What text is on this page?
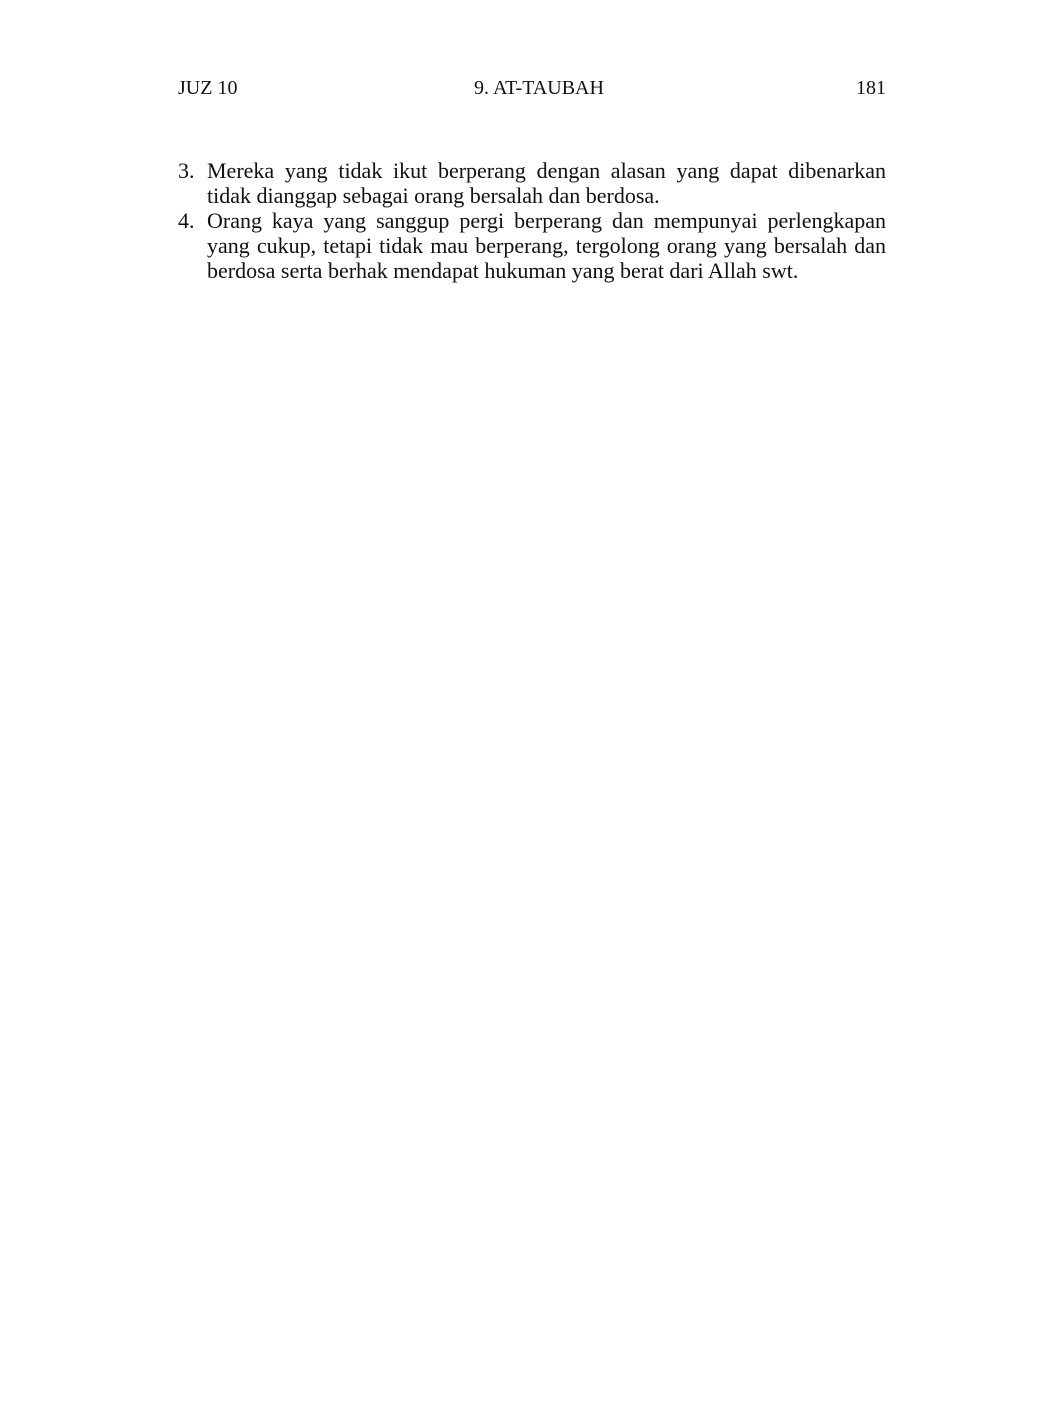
JUZ 10	9. AT-TAUBAH	181
3. Mereka yang tidak ikut berperang dengan alasan yang dapat dibenarkan tidak dianggap sebagai orang bersalah dan berdosa.
4. Orang kaya yang sanggup pergi berperang dan mempunyai perlengkapan yang cukup, tetapi tidak mau berperang, tergolong orang yang bersalah dan berdosa serta berhak mendapat hukuman yang berat dari Allah swt.
